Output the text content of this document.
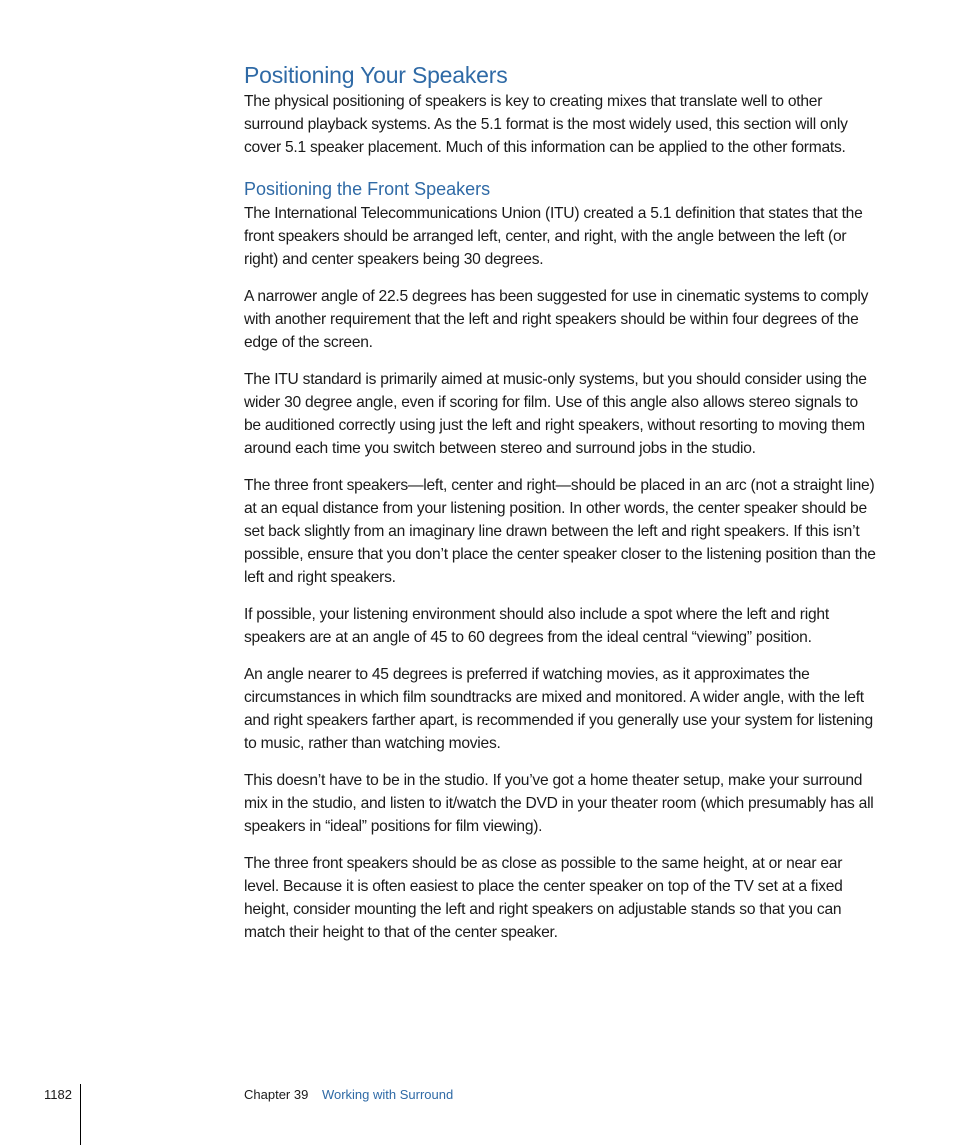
Positioning Your Speakers

The physical positioning of speakers is key to creating mixes that translate well to other surround playback systems. As the 5.1 format is the most widely used, this section will only cover 5.1 speaker placement. Much of this information can be applied to the other formats.

Positioning the Front Speakers

The International Telecommunications Union (ITU) created a 5.1 definition that states that the front speakers should be arranged left, center, and right, with the angle between the left (or right) and center speakers being 30 degrees.

A narrower angle of 22.5 degrees has been suggested for use in cinematic systems to comply with another requirement that the left and right speakers should be within four degrees of the edge of the screen.

The ITU standard is primarily aimed at music-only systems, but you should consider using the wider 30 degree angle, even if scoring for film. Use of this angle also allows stereo signals to be auditioned correctly using just the left and right speakers, without resorting to moving them around each time you switch between stereo and surround jobs in the studio.

The three front speakers—left, center and right—should be placed in an arc (not a straight line) at an equal distance from your listening position. In other words, the center speaker should be set back slightly from an imaginary line drawn between the left and right speakers. If this isn’t possible, ensure that you don’t place the center speaker closer to the listening position than the left and right speakers.

If possible, your listening environment should also include a spot where the left and right speakers are at an angle of 45 to 60 degrees from the ideal central “viewing” position.

An angle nearer to 45 degrees is preferred if watching movies, as it approximates the circumstances in which film soundtracks are mixed and monitored. A wider angle, with the left and right speakers farther apart, is recommended if you generally use your system for listening to music, rather than watching movies.

This doesn’t have to be in the studio. If you’ve got a home theater setup, make your surround mix in the studio, and listen to it/watch the DVD in your theater room (which presumably has all speakers in “ideal” positions for film viewing).

The three front speakers should be as close as possible to the same height, at or near ear level. Because it is often easiest to place the center speaker on top of the TV set at a fixed height, consider mounting the left and right speakers on adjustable stands so that you can match their height to that of the center speaker.

1182	Chapter 39 Working with Surround
